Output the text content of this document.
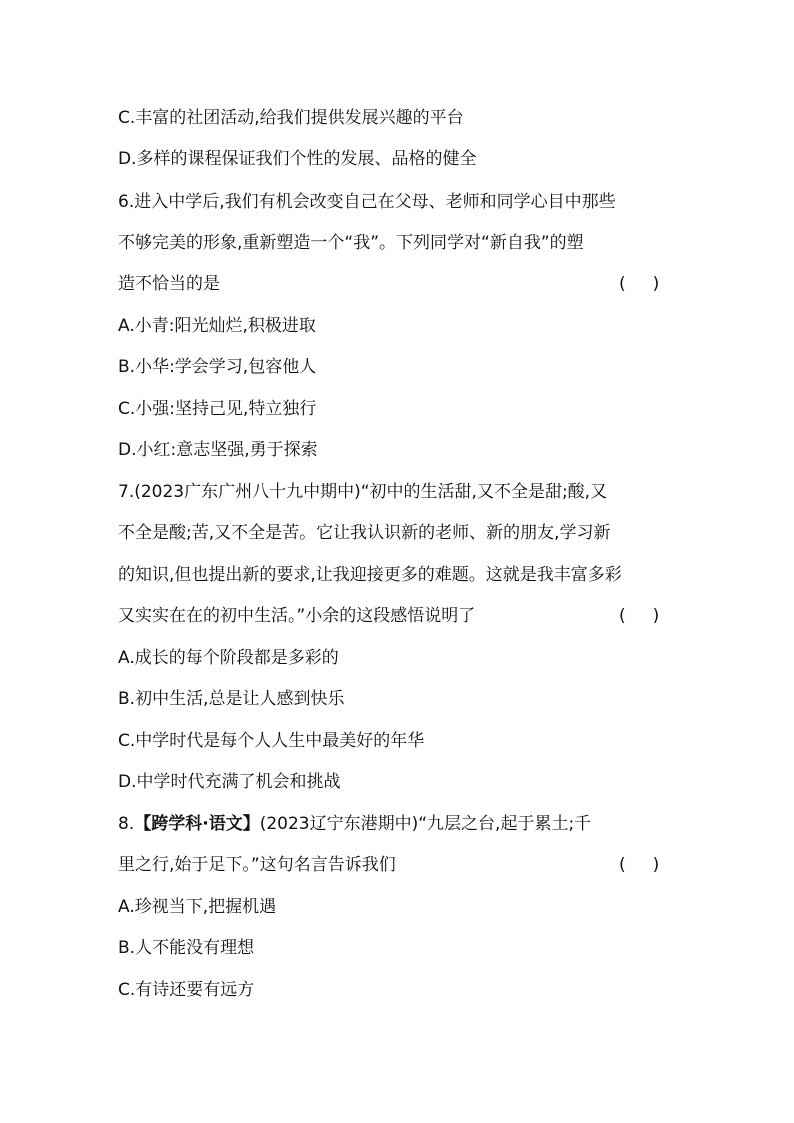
C.丰富的社团活动,给我们提供发展兴趣的平台
D.多样的课程保证我们个性的发展、品格的健全
6.进入中学后,我们有机会改变自己在父母、老师和同学心目中那些
不够完美的形象,重新塑造一个“我”。下列同学对“新自我”的塑
造不恰当的是	(     )
A.小青:阳光灿烂,积极进取
B.小华:学会学习,包容他人
C.小强:坚持己见,特立独行
D.小红:意志坚强,勇于探索
7.(2023广东广州八十九中期中)“初中的生活甜,又不全是甜;酸,又
不全是酸;苦,又不全是苦。它让我认识新的老师、新的朋友,学习新
的知识,但也提出新的要求,让我迎接更多的难题。这就是我丰富多彩
又实实在在的初中生活。”小余的这段感悟说明了	(     )
A.成长的每个阶段都是多彩的
B.初中生活,总是让人感到快乐
C.中学时代是每个人人生中最美好的年华
D.中学时代充满了机会和挑战
8.【跨学科·语文】(2023辽宁东港期中)“九层之台,起于累土;千
里之行,始于足下。”这句名言告诉我们	(     )
A.珍视当下,把握机遇
B.人不能没有理想
C.有诗还要有远方
